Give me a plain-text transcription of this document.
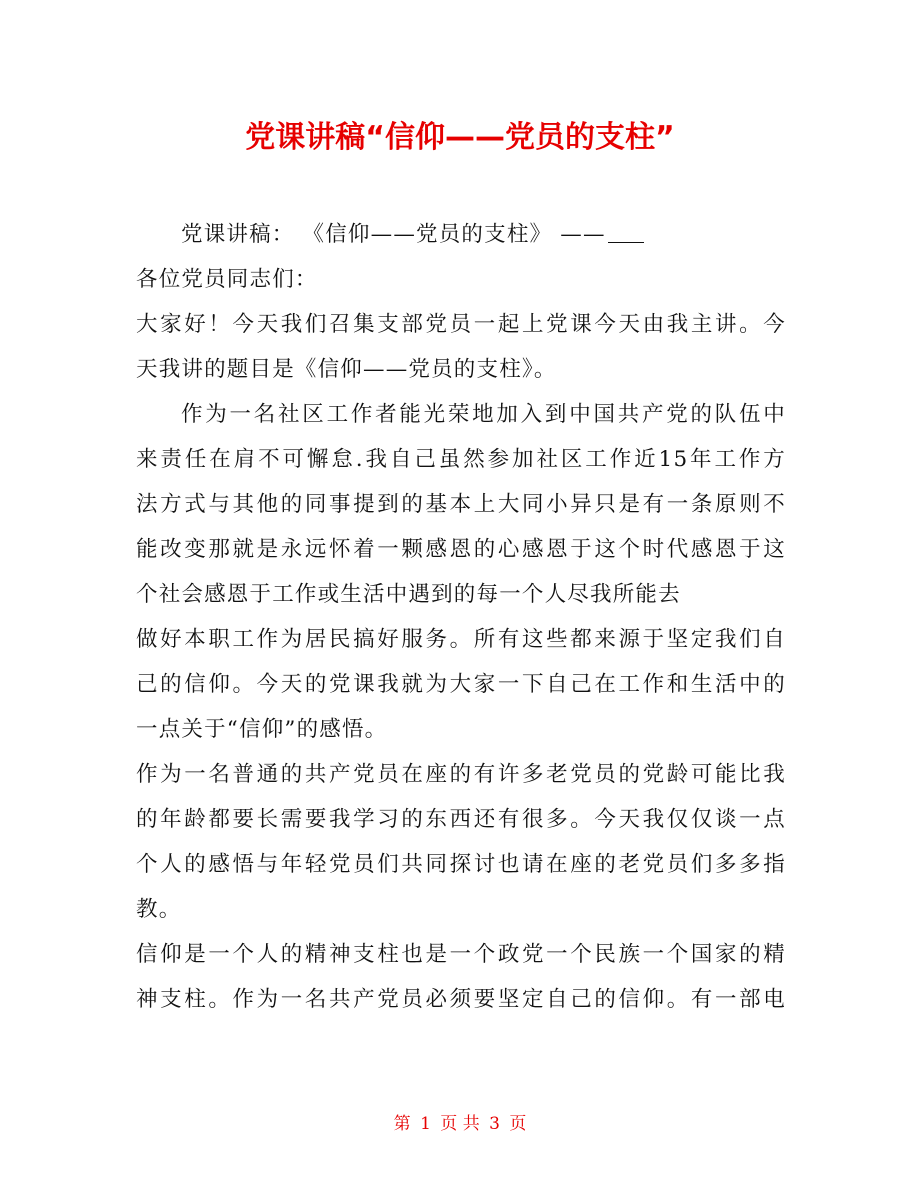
党课讲稿“信仰——党员的支柱”
党课讲稿： 《信仰——党员的支柱》 ——
各位党员同志们：
大家好！今天我们召集支部党员一起上党课今天由我主讲。今
天我讲的题目是《信仰——党员的支柱》。
作为一名社区工作者能光荣地加入到中国共产党的队伍中
来责任在肩不可懈怠.我自己虽然参加社区工作近15年工作方
法方式与其他的同事提到的基本上大同小异只是有一条原则不
能改变那就是永远怀着一颗感恩的心感恩于这个时代感恩于这
个社会感恩于工作或生活中遇到的每一个人尽我所能去
做好本职工作为居民搞好服务。所有这些都来源于坚定我们自
己的信仰。今天的党课我就为大家一下自己在工作和生活中的
一点关于“信仰”的感悟。
作为一名普通的共产党员在座的有许多老党员的党龄可能比我
的年龄都要长需要我学习的东西还有很多。今天我仅仅谈一点
个人的感悟与年轻党员们共同探讨也请在座的老党员们多多指
教。
信仰是一个人的精神支柱也是一个政党一个民族一个国家的精
神支柱。作为一名共产党员必须要坚定自己的信仰。有一部电
第 1 页 共 3 页
